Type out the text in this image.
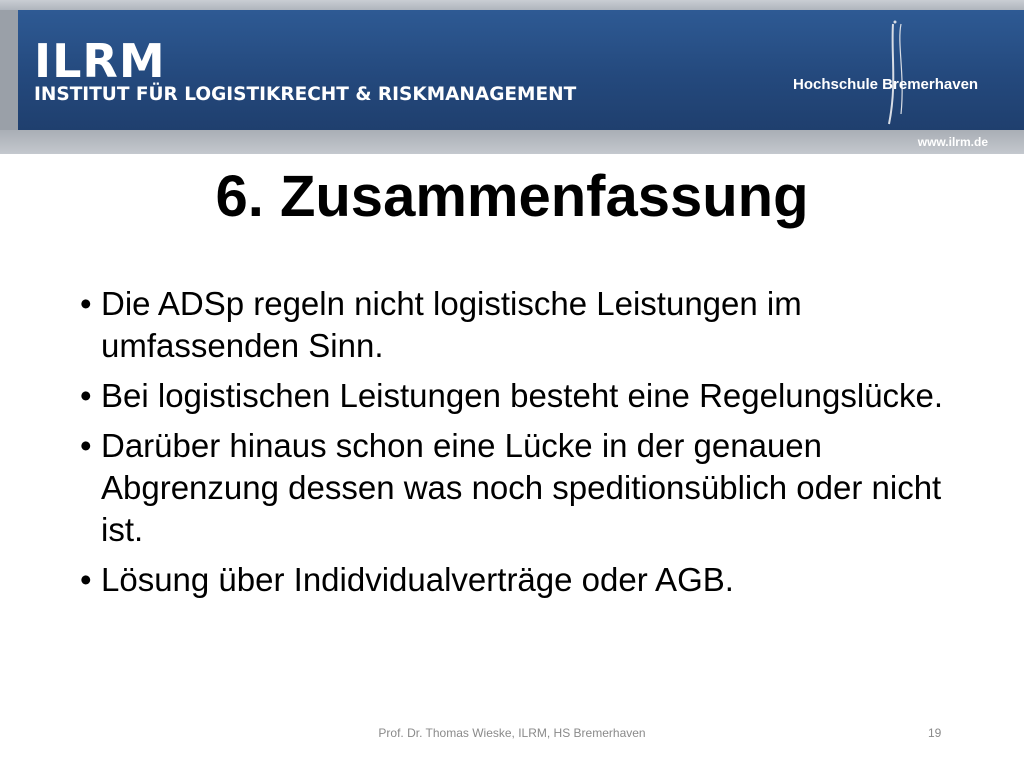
ILRM
INSTITUT FÜR LOGISTIKRECHT & RISKMANAGEMENT	Hochschule Bremerhaven
www.ilrm.de
6. Zusammenfassung
• Die ADSp regeln nicht logistische Leistungen im umfassenden Sinn.
• Bei logistischen Leistungen besteht eine Regelungslücke.
• Darüber hinaus schon eine Lücke in der genauen Abgrenzung dessen was noch speditionsüblich oder nicht ist.
• Lösung über Indidvidualverträge oder AGB.
Prof. Dr. Thomas Wieske, ILRM, HS Bremerhaven	19
